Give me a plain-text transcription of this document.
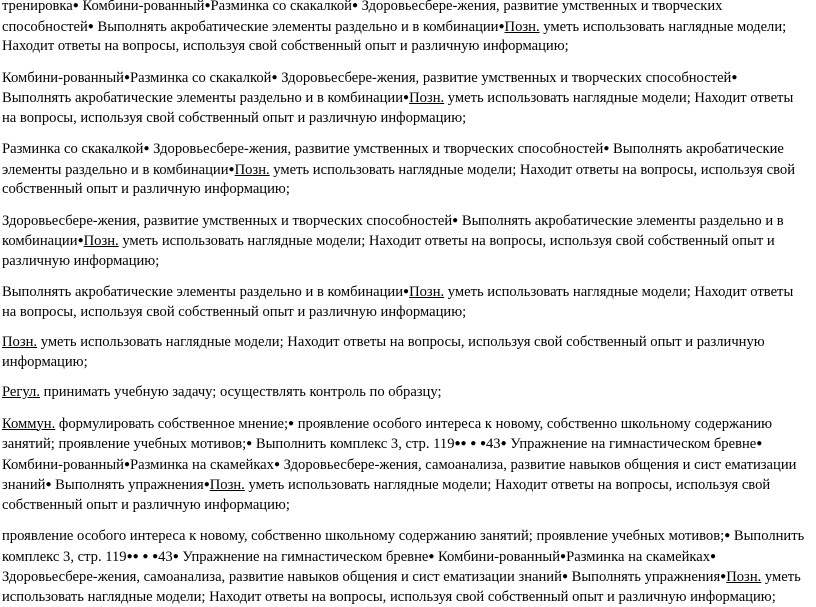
тренировка● Комбини-рованный●Разминка со скакалкой● Здоровьесбере-жения, развитие умственных и творческих способностей● Выполнять акробатические элементы раздельно и в комбинации●Позн. уметь использовать наглядные модели; Находит ответы на вопросы, используя свой собственный опыт и различную информацию;

Комбини-рованный●Разминка со скакалкой● Здоровьесбере-жения, развитие умственных и творческих способностей● Выполнять акробатические элементы раздельно и в комбинации●Позн. уметь использовать наглядные модели; Находит ответы на вопросы, используя свой собственный опыт и различную информацию;

Разминка со скакалкой● Здоровьесбере-жения, развитие умственных и творческих способностей● Выполнять акробатические элементы раздельно и в комбинации●Позн. уметь использовать наглядные модели; Находит ответы на вопросы, используя свой собственный опыт и различную информацию;

Здоровьесбере-жения, развитие умственных и творческих способностей● Выполнять акробатические элементы раздельно и в комбинации●Позн. уметь использовать наглядные модели; Находит ответы на вопросы, используя свой собственный опыт и различную информацию;

Выполнять акробатические элементы раздельно и в комбинации●Позн. уметь использовать наглядные модели; Находит ответы на вопросы, используя свой собственный опыт и различную информацию;

Позн. уметь использовать наглядные модели; Находит ответы на вопросы, используя свой собственный опыт и различную информацию;

Регул. принимать учебную задачу; осуществлять контроль по образцу;

Коммун. формулировать собственное мнение;● проявление особого интереса к новому, собственно школьному содержанию занятий; проявление учебных мотивов;● Выполнить комплекс 3, стр. 119●● ● ●43● Упражнение на гимнастическом бревне● Комбини-рованный●Разминка на скамейках● Здоровьесбере-жения, самоанализа, развитие навыков общения и сист ематизации знаний● Выполнять упражнения●Позн. уметь использовать наглядные модели; Находит ответы на вопросы, используя свой собственный опыт и различную информацию;

проявление особого интереса к новому, собственно школьному содержанию занятий; проявление учебных мотивов;● Выполнить комплекс 3, стр. 119●● ● ●43● Упражнение на гимнастическом бревне● Комбини-рованный●Разминка на скамейках● Здоровьесбере-жения, самоанализа, развитие навыков общения и сист ематизации знаний● Выполнять упражнения●Позн. уметь использовать наглядные модели; Находит ответы на вопросы, используя свой собственный опыт и различную информацию;
